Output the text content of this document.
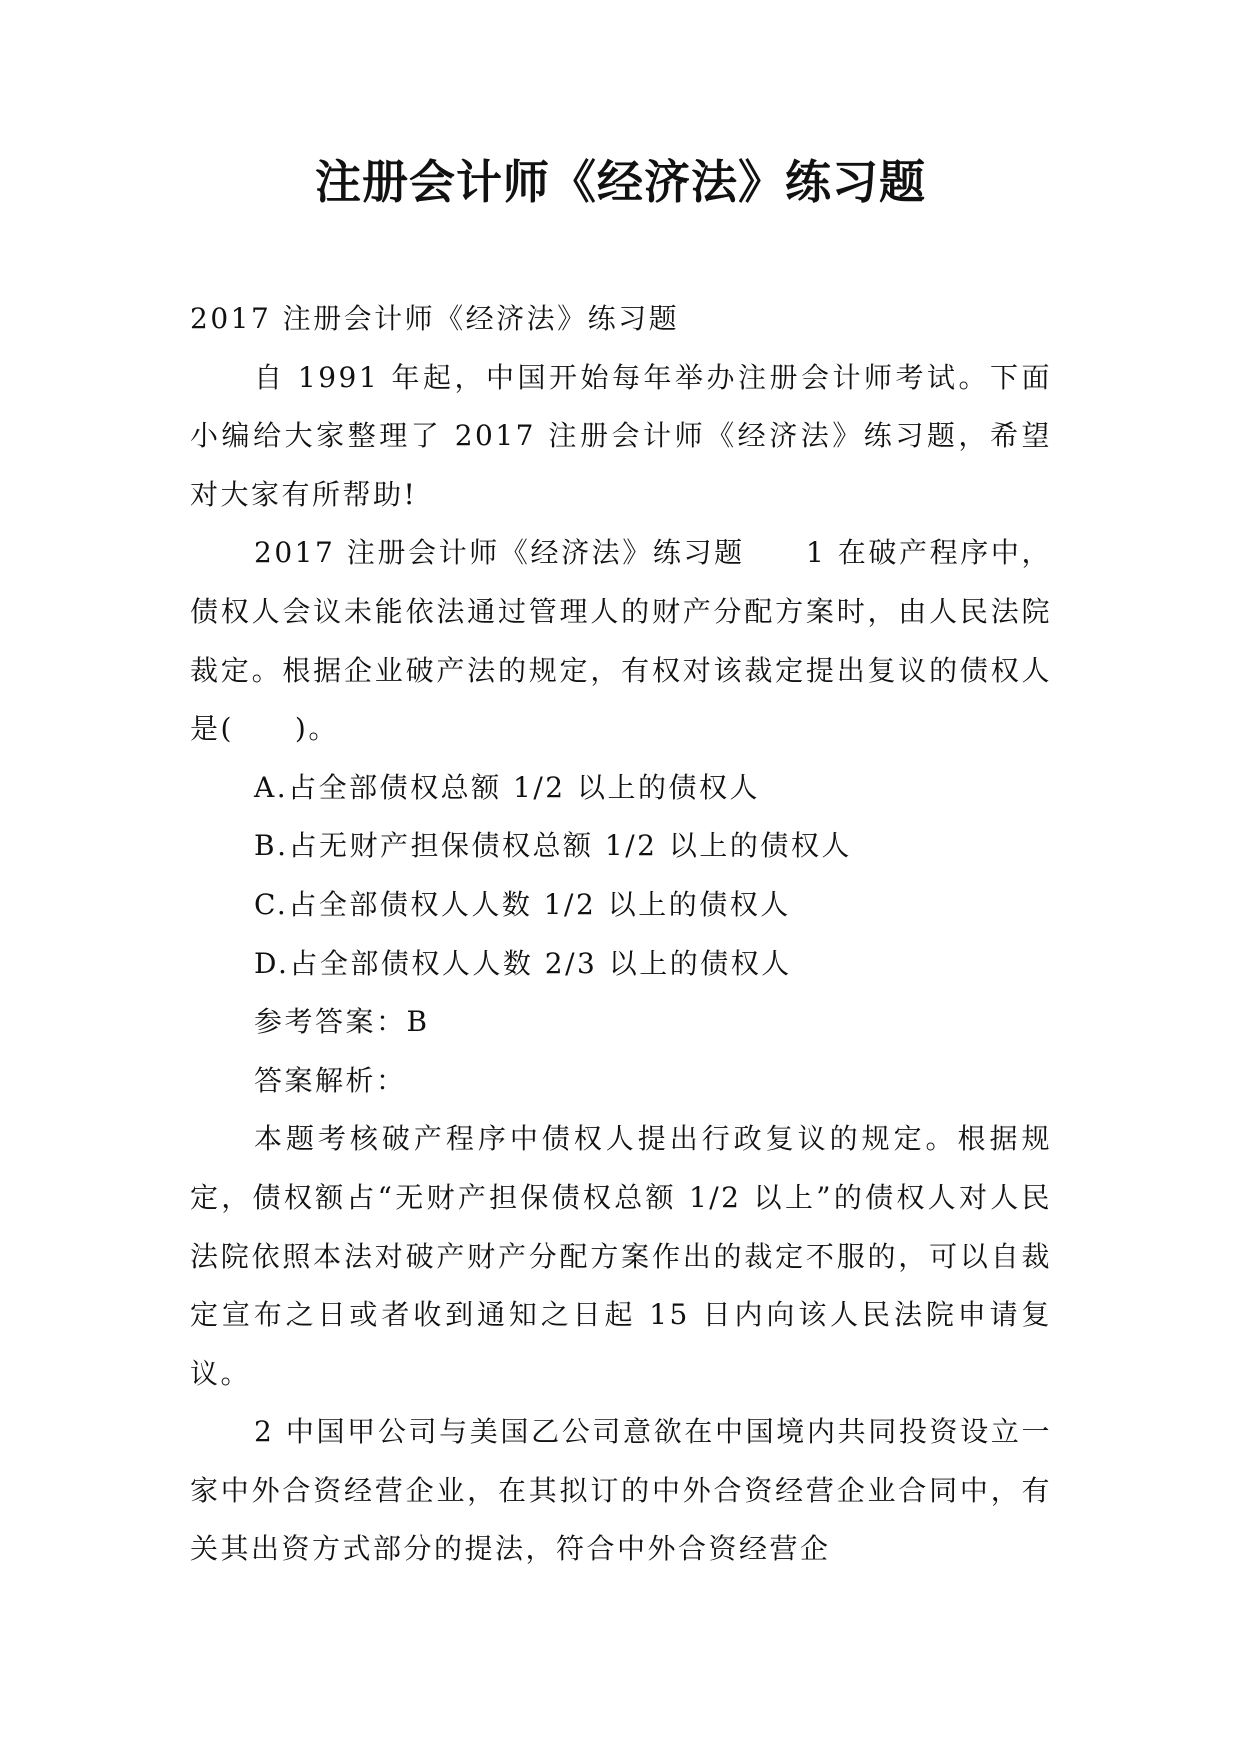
注册会计师《经济法》练习题

2017 注册会计师《经济法》练习题

自 1991 年起，中国开始每年举办注册会计师考试。下面小编给大家整理了 2017 注册会计师《经济法》练习题，希望对大家有所帮助!

2017 注册会计师《经济法》练习题　　1 在破产程序中，债权人会议未能依法通过管理人的财产分配方案时，由人民法院裁定。根据企业破产法的规定，有权对该裁定提出复议的债权人是(　　)。

A.占全部债权总额 1/2 以上的债权人

B.占无财产担保债权总额 1/2 以上的债权人

C.占全部债权人人数 1/2 以上的债权人

D.占全部债权人人数 2/3 以上的债权人

参考答案：B

答案解析：

本题考核破产程序中债权人提出行政复议的规定。根据规定，债权额占“无财产担保债权总额 1/2 以上”的债权人对人民法院依照本法对破产财产分配方案作出的裁定不服的，可以自裁定宣布之日或者收到通知之日起 15 日内向该人民法院申请复议。

2 中国甲公司与美国乙公司意欲在中国境内共同投资设立一家中外合资经营企业，在其拟订的中外合资经营企业合同中，有关其出资方式部分的提法，符合中外合资经营企
